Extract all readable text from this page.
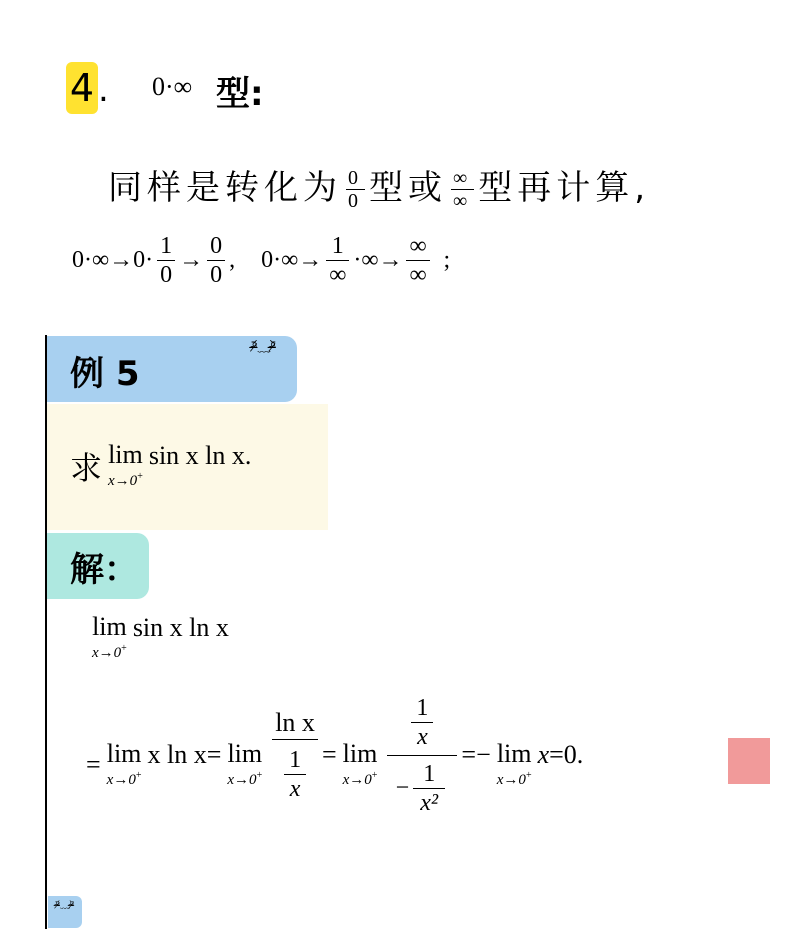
4 . 0·∞ 型:
同样是转化为 $\frac{0}{0}$ 型或 $\frac{\infty}{\infty}$ 型再计算,
$0\cdot\infty \to 0\cdot \frac{1}{0} \to \frac{0}{0}$ , $0\cdot\infty \to \frac{1}{\infty}$ ·∞ → $\frac{\infty}{\infty}$ ;
例 5
ᵒ̴̶̷᷄﹏ᵒ̴̶̷᷅
求 lim
x→0+
sin x ln x.
解：
lim
x→0+
sin x ln x
= lim
x→0+
x ln x = lim
$x\to 0^+ \frac{\text{ln x}}{\frac{1}{x}} = \lim$
$x\to 0^+ \frac{\frac{1}{x}}{- \frac{1}{\text{x²}}}$ = − lim
x→0+
x = 0.
ᵒ̴̶̷᷄﹏ᵒ̴̶̷᷅
